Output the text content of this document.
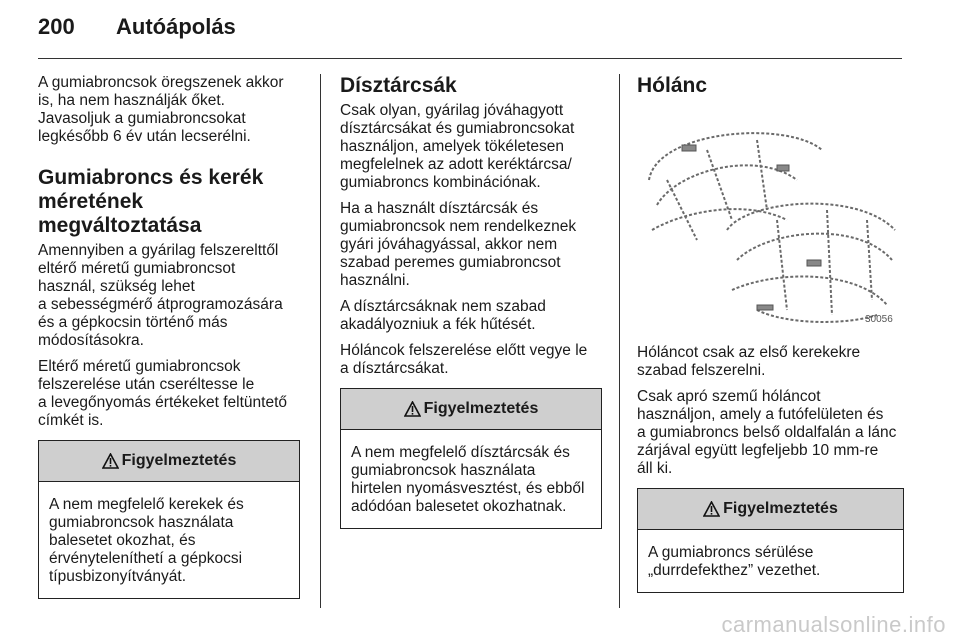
200 Autóápolás

A gumiabroncsok öregszenek akkor
is, ha nem használják őket.
Javasoljuk a gumiabroncsokat
legkésőbb 6 év után lecserélni.

Gumiabroncs és kerék
méretének megváltoztatása

Amennyiben a gyárilag felszerelttől
eltérő méretű gumiabroncsot
használ, szükség lehet
a sebességmérő átprogramozására
és a gépkocsin történő más
módosításokra.

Eltérő méretű gumiabroncsok
felszerelése után cseréltesse le
a levegőnyomás értékeket feltüntető
címkét is.

Figyelmeztetés
A nem megfelelő kerekek és
gumiabroncsok használata
balesetet okozhat, és
érvényteleníthetí a gépkocsi
típusbizonyítványát.
Dísztárcsák

Csak olyan, gyárilag jóváhagyott
dísztárcsákat és gumiabroncsokat
használjon, amelyek tökéletesen
megfelelnek az adott keréktárcsa/
gumiabroncs kombinációnak.

Ha a használt dísztárcsák és
gumiabroncsok nem rendelkeznek
gyári jóváhagyással, akkor nem
szabad peremes gumiabroncsot
használni.

A dísztárcsáknak nem szabad
akadályozniuk a fék hűtését.

Hóláncok felszerelése előtt vegye le
a dísztárcsákat.

Figyelmeztetés
A nem megfelelő dísztárcsák és
gumiabroncsok használata
hirtelen nyomásvesztést, és ebből
adódóan balesetet okozhatnak.
Hólánc
30056

Hóláncot csak az első kerekekre
szabad felszerelni.

Csak apró szemű hóláncot
használjon, amely a futófelületen és
a gumiabroncs belső oldalfalán a lánc
zárjával együtt legfeljebb 10 mm-re
áll ki.

Figyelmeztetés
A gumiabroncs sérülése
„durrdefekthez” vezethet.
carmanualsonline.info
